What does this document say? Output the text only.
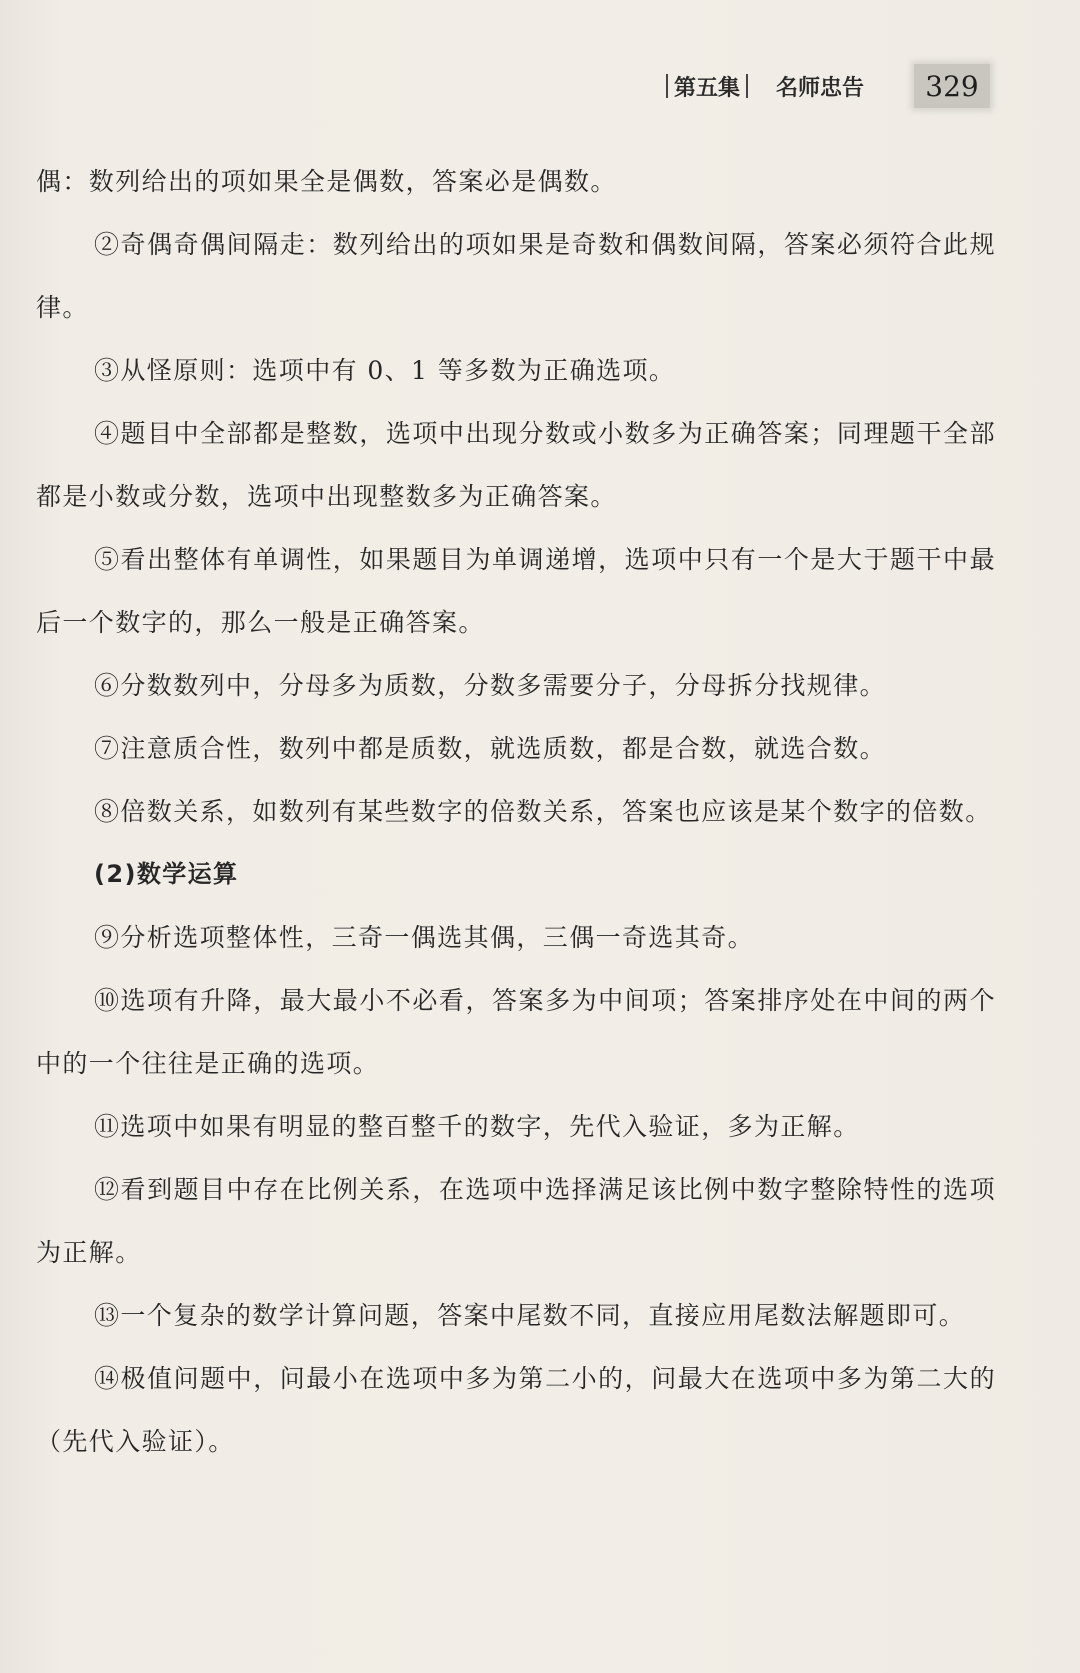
第五集 名师忠告	329

偶：数列给出的项如果全是偶数，答案必是偶数。

②奇偶奇偶间隔走：数列给出的项如果是奇数和偶数间隔，答案必须符合此规律。

③从怪原则：选项中有 0、1 等多数为正确选项。

④题目中全部都是整数，选项中出现分数或小数多为正确答案；同理题干全部都是小数或分数，选项中出现整数多为正确答案。

⑤看出整体有单调性，如果题目为单调递增，选项中只有一个是大于题干中最后一个数字的，那么一般是正确答案。

⑥分数数列中，分母多为质数，分数多需要分子，分母拆分找规律。

⑦注意质合性，数列中都是质数，就选质数，都是合数，就选合数。

⑧倍数关系，如数列有某些数字的倍数关系，答案也应该是某个数字的倍数。

(2)数学运算

⑨分析选项整体性，三奇一偶选其偶，三偶一奇选其奇。

⑩选项有升降，最大最小不必看，答案多为中间项；答案排序处在中间的两个中的一个往往是正确的选项。

⑪选项中如果有明显的整百整千的数字，先代入验证，多为正解。

⑫看到题目中存在比例关系，在选项中选择满足该比例中数字整除特性的选项为正解。

⑬一个复杂的数学计算问题，答案中尾数不同，直接应用尾数法解题即可。

⑭极值问题中，问最小在选项中多为第二小的，问最大在选项中多为第二大的（先代入验证）。
